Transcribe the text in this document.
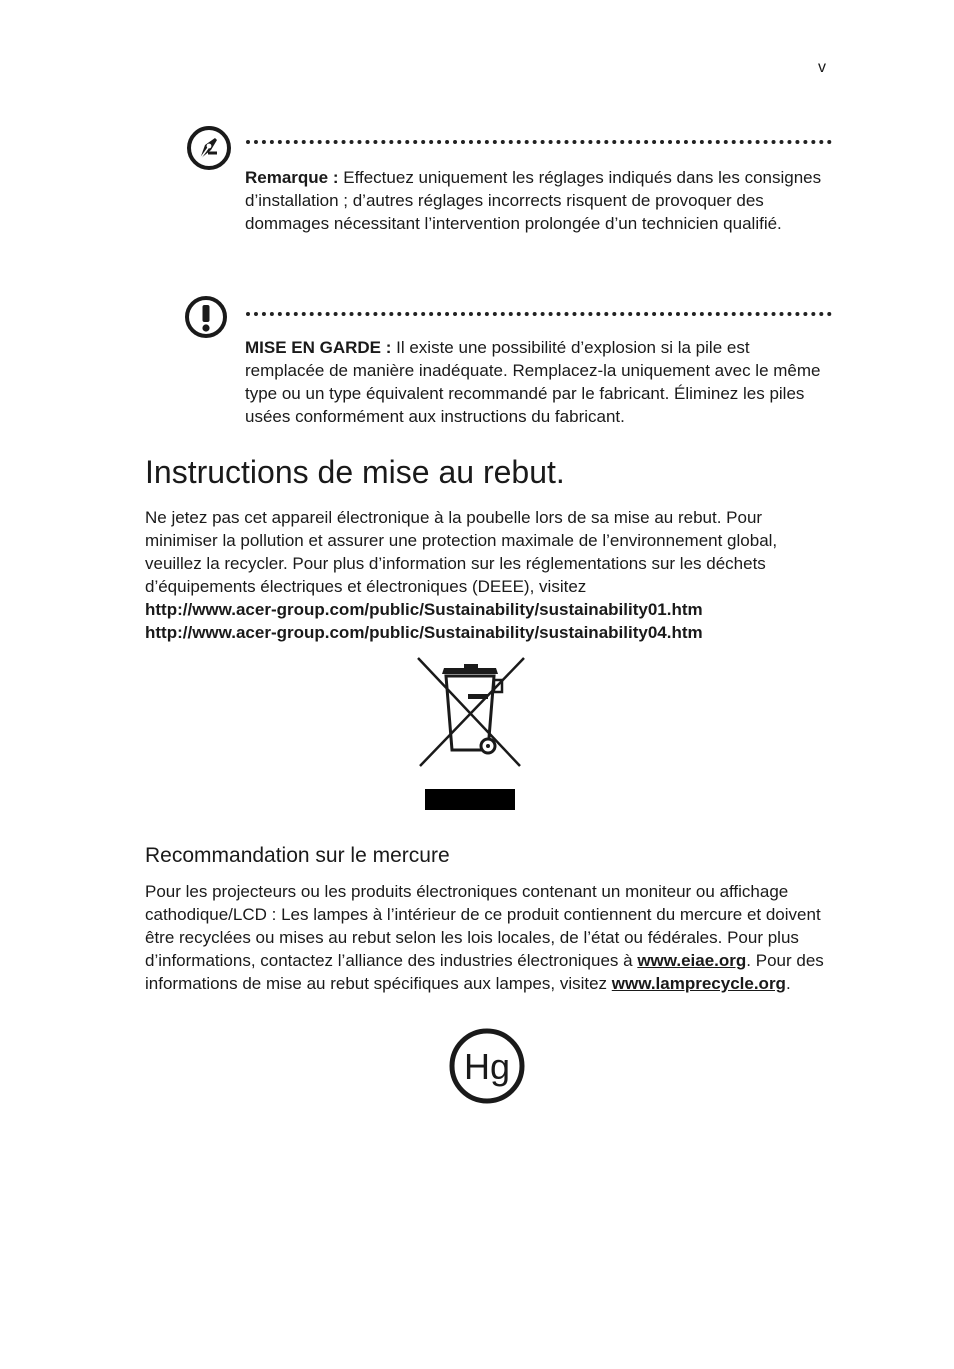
v
Remarque : Effectuez uniquement les réglages indiqués dans les consignes d’installation ; d’autres réglages incorrects risquent de provoquer des dommages nécessitant l’intervention prolongée d’un technicien qualifié.
MISE EN GARDE : Il existe une possibilité d’explosion si la pile est remplacée de manière inadéquate. Remplacez-la uniquement avec le même type ou un type équivalent recommandé par le fabricant. Éliminez les piles usées conformément aux instructions du fabricant.
Instructions de mise au rebut.
Ne jetez pas cet appareil électronique à la poubelle lors de sa mise au rebut. Pour minimiser la pollution et assurer une protection maximale de l’environnement global, veuillez la recycler. Pour plus d’information sur les réglementations sur les déchets d’équipements électriques et électroniques (DEEE), visitez
http://www.acer-group.com/public/Sustainability/sustainability01.htm
http://www.acer-group.com/public/Sustainability/sustainability04.htm
Recommandation sur le mercure
Pour les projecteurs ou les produits électroniques contenant un moniteur ou affichage cathodique/LCD : Les lampes à l’intérieur de ce produit contiennent du mercure et doivent être recyclées ou mises au rebut selon les lois locales, de l’état ou fédérales. Pour plus d’informations, contactez l’alliance des industries électroniques à www.eiae.org. Pour des informations de mise au rebut spécifiques aux lampes, visitez www.lamprecycle.org.
Hg
